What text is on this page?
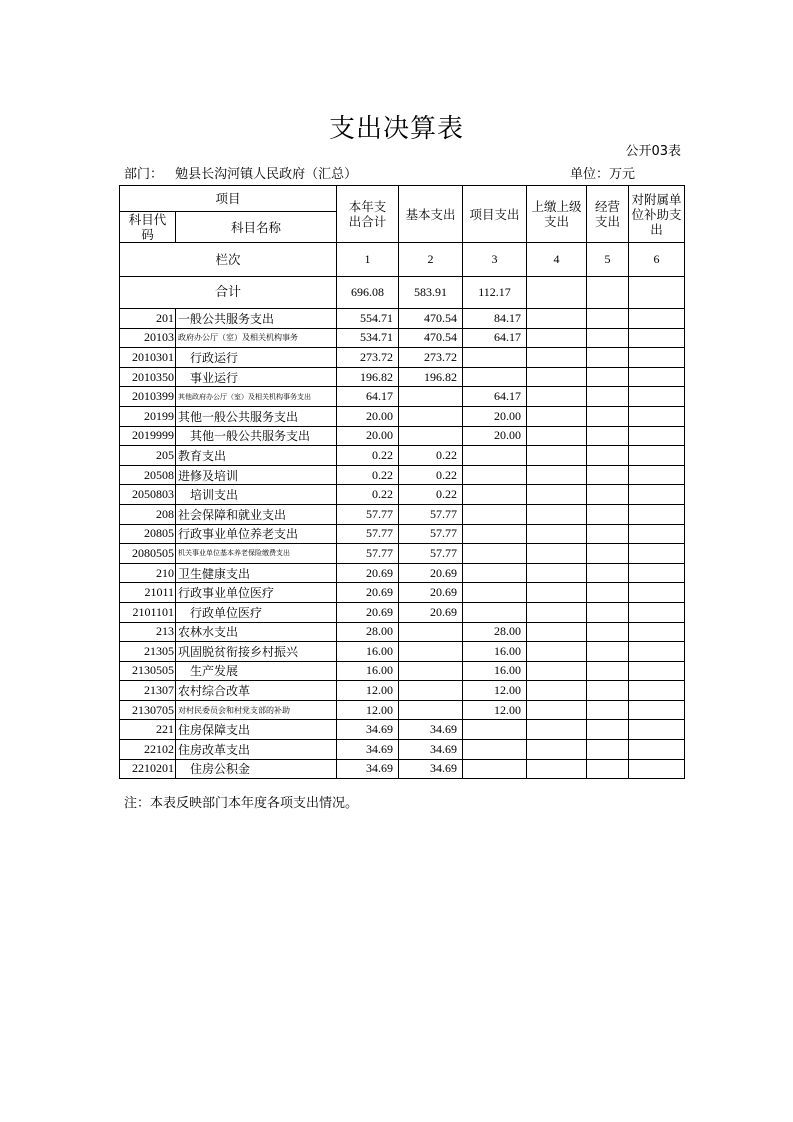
支出决算表
公开03表
部门： 勉县长沟河镇人民政府（汇总）	单位：万元
项目		本年支出合计	基本支出	项目支出	上缴上级支出	经营支出	对附属单位补助支出
科目代码	科目名称						
栏次		1	2	3	4	5	6
合计		696.08	583.91	112.17			
201	一般公共服务支出	554.71	470.54	84.17			
20103	政府办公厅（室）及相关机构事务	534.71	470.54	64.17			
2010301	行政运行	273.72	273.72				
2010350	事业运行	196.82	196.82				
2010399	其他政府办公厅（室）及相关机构事务支出	64.17		64.17			
20199	其他一般公共服务支出	20.00		20.00			
2019999	其他一般公共服务支出	20.00		20.00			
205	教育支出	0.22	0.22				
20508	进修及培训	0.22	0.22				
2050803	培训支出	0.22	0.22				
208	社会保障和就业支出	57.77	57.77				
20805	行政事业单位养老支出	57.77	57.77				
2080505	机关事业单位基本养老保险缴费支出	57.77	57.77				
210	卫生健康支出	20.69	20.69				
21011	行政事业单位医疗	20.69	20.69				
2101101	行政单位医疗	20.69	20.69				
213	农林水支出	28.00		28.00			
21305	巩固脱贫衔接乡村振兴	16.00		16.00			
2130505	生产发展	16.00		16.00			
21307	农村综合改革	12.00		12.00			
2130705	对村民委员会和村党支部的补助	12.00		12.00			
221	住房保障支出	34.69	34.69				
22102	住房改革支出	34.69	34.69				
2210201	住房公积金	34.69	34.69				
注：本表反映部门本年度各项支出情况。
